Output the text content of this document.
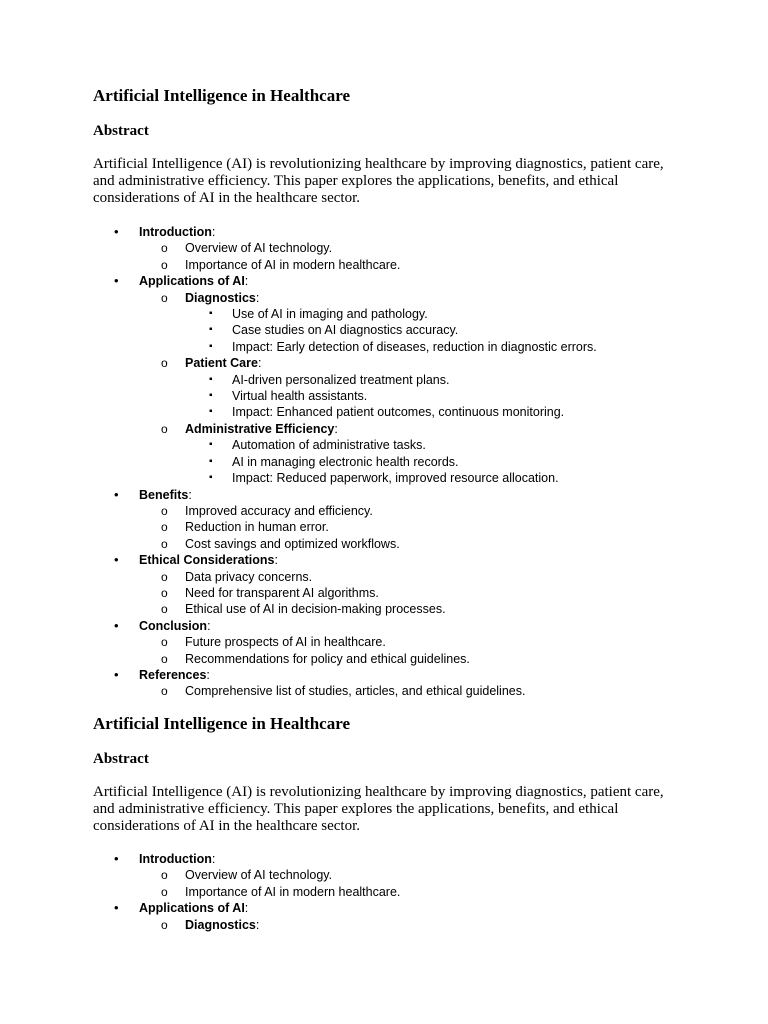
Artificial Intelligence in Healthcare
Abstract

Artificial Intelligence (AI) is revolutionizing healthcare by improving diagnostics, patient care, and administrative efficiency. This paper explores the applications, benefits, and ethical considerations of AI in the healthcare sector.

• Introduction:
o Overview of AI technology.
o Importance of AI in modern healthcare.
• Applications of AI:
o Diagnostics:
▪ Use of AI in imaging and pathology.
▪ Case studies on AI diagnostics accuracy.
▪ Impact: Early detection of diseases, reduction in diagnostic errors.
o Patient Care:
▪ AI-driven personalized treatment plans.
▪ Virtual health assistants.
▪ Impact: Enhanced patient outcomes, continuous monitoring.
o Administrative Efficiency:
▪ Automation of administrative tasks.
▪ AI in managing electronic health records.
▪ Impact: Reduced paperwork, improved resource allocation.
• Benefits:
o Improved accuracy and efficiency.
o Reduction in human error.
o Cost savings and optimized workflows.
• Ethical Considerations:
o Data privacy concerns.
o Need for transparent AI algorithms.
o Ethical use of AI in decision-making processes.
• Conclusion:
o Future prospects of AI in healthcare.
o Recommendations for policy and ethical guidelines.
• References:
o Comprehensive list of studies, articles, and ethical guidelines.
Artificial Intelligence in Healthcare
Abstract

Artificial Intelligence (AI) is revolutionizing healthcare by improving diagnostics, patient care, and administrative efficiency. This paper explores the applications, benefits, and ethical considerations of AI in the healthcare sector.

• Introduction:
o Overview of AI technology.
o Importance of AI in modern healthcare.
• Applications of AI:
o Diagnostics:
